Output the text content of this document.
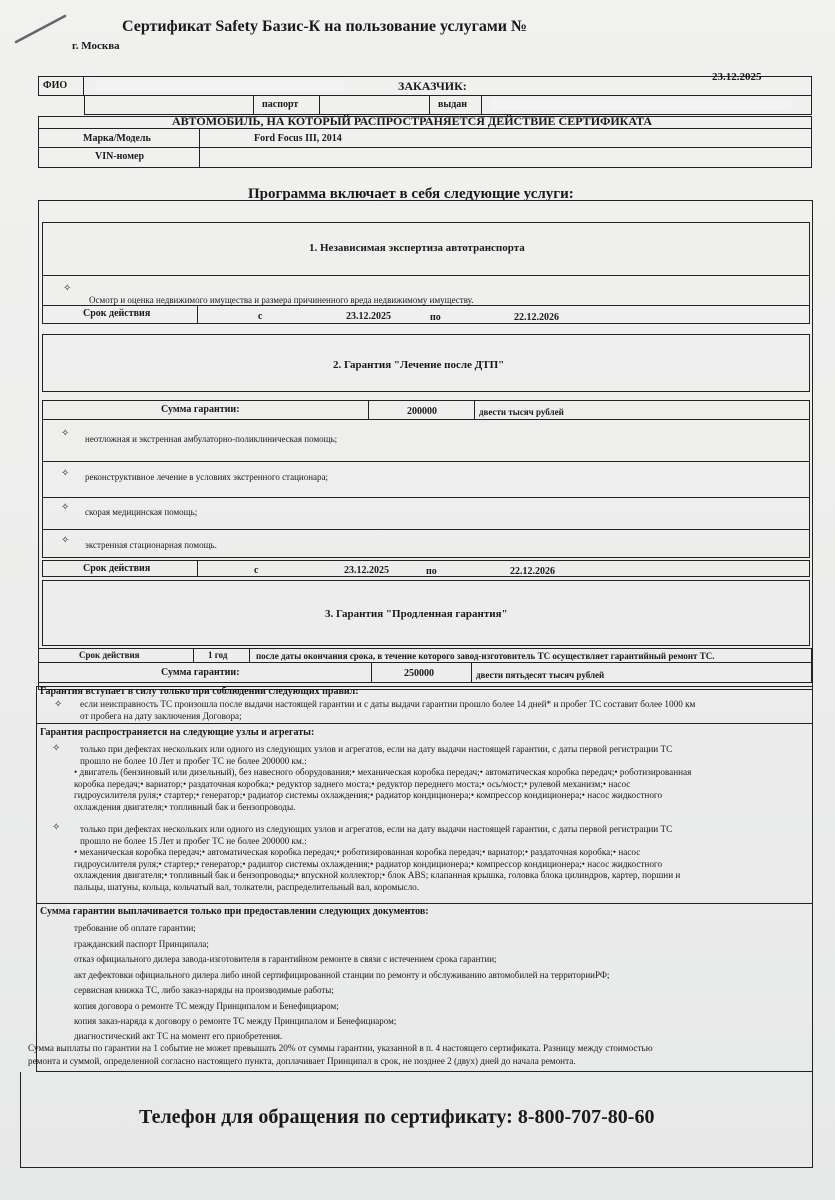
Сертификат Safety Базис-К на пользование услугами №
г. Москва
23.12.2025
ЗАКАЗЧИК:
ФИО
паспорт	выдан
АВТОМОБИЛЬ, НА КОТОРЫЙ РАСПРОСТРАНЯЕТСЯ ДЕЙСТВИЕ СЕРТИФИКАТА
Марка/Модель	Ford Focus III, 2014
VIN-номер
Программа включает в себя следующие услуги:
1. Независимая экспертиза автотранспорта
✧
Осмотр и оценка недвижимого имущества и размера причиненного вреда недвижимому имуществу.
Срок действия	с	23.12.2025	по	22.12.2026
2. Гарантия "Лечение после ДТП"
Сумма гарантии:	200000	двести тысяч рублей
✧ неотложная и экстренная амбулаторно-поликлиническая помощь;
✧ реконструктивное лечение в условиях экстренного стационара;
✧ скорая медицинская помощь;
✧ экстренная стационарная помощь.
Срок действия	с	23.12.2025	по	22.12.2026
3. Гарантия "Продленная гарантия"
Срок действия	1 год	после даты окончания срока, в течение которого завод-изготовитель ТС осуществляет гарантийный ремонт ТС.
Сумма гарантии:	250000	двести пятьдесят тысяч рублей
Гарантия вступает в силу только при соблюдении следующих правил:
✧ если неисправность ТС произошла после выдачи настоящей гарантии и с даты выдачи гарантии прошло более 14 дней* и пробег ТС составит более 1000 км
от пробега на дату заключения Договора;
Гарантия распространяется на следующие узлы и агрегаты:
✧ только при дефектах нескольких или одного из следующих узлов и агрегатов, если на дату выдачи настоящей гарантии, с даты первой регистрации ТС
прошло не более 10 Лет и пробег ТС не более 200000 км.:
• двигатель (бензиновый или дизельный), без навесного оборудования;• механическая коробка передач;• автоматическая коробка передач;• роботизированная
коробка передач;• вариатор;• раздаточная коробка;• редуктор заднего моста;• редуктор переднего моста;• ось/мост;• рулевой механизм;• насос
гидроусилителя руля;• стартер;• генератор;• радиатор системы охлаждения;• радиатор кондиционера;• компрессор кондиционера;• насос жидкостного
охлаждения двигателя;• топливный бак и бензопроводы.
✧ только при дефектах нескольких или одного из следующих узлов и агрегатов, если на дату выдачи настоящей гарантии, с даты первой регистрации ТС
прошло не более 15 Лет и пробег ТС не более 200000 км.:
• механическая коробка передач;• автоматическая коробка передач;• роботизированная коробка передач;• вариатор;• раздаточная коробка;• насос
гидроусилителя руля;• стартер;• генератор;• радиатор системы охлаждения;• радиатор кондиционера;• компрессор кондиционера;• насос жидкостного
охлаждения двигателя;• топливный бак и бензопроводы;• впускной коллектор;• блок ABS; клапанная крышка, головка блока цилиндров, картер, поршни и
пальцы, шатуны, кольца, кольчатый вал, толкатели, распределительный вал, коромысло.
Сумма гарантии выплачивается только при предоставлении следующих документов:
требование об оплате гарантии;
гражданский паспорт Принципала;
отказ официального дилера завода-изготовителя в гарантийном ремонте в связи с истечением срока гарантии;
акт дефектовки официального дилера либо иной сертифицированной станции по ремонту и обслуживанию автомобилей на территорииРФ;
сервисная книжка ТС, либо заказ-наряды на производимые работы;
копия договора о ремонте ТС между Принципалом и Бенефициаром;
копия заказ-наряда к договору о ремонте ТС между Принципалом и Бенефициаром;
диагностический акт ТС на момент его приобретения.
Сумма выплаты по гарантии на 1 событие не может превышать 20% от суммы гарантии, указанной в п. 4 настоящего сертификата. Разницу между стоимостью
ремонта и суммой, определенной согласно настоящего пункта, доплачивает Принципал в срок, не позднее 2 (двух) дней до начала ремонта.
Телефон для обращения по сертификату: 8-800-707-80-60
